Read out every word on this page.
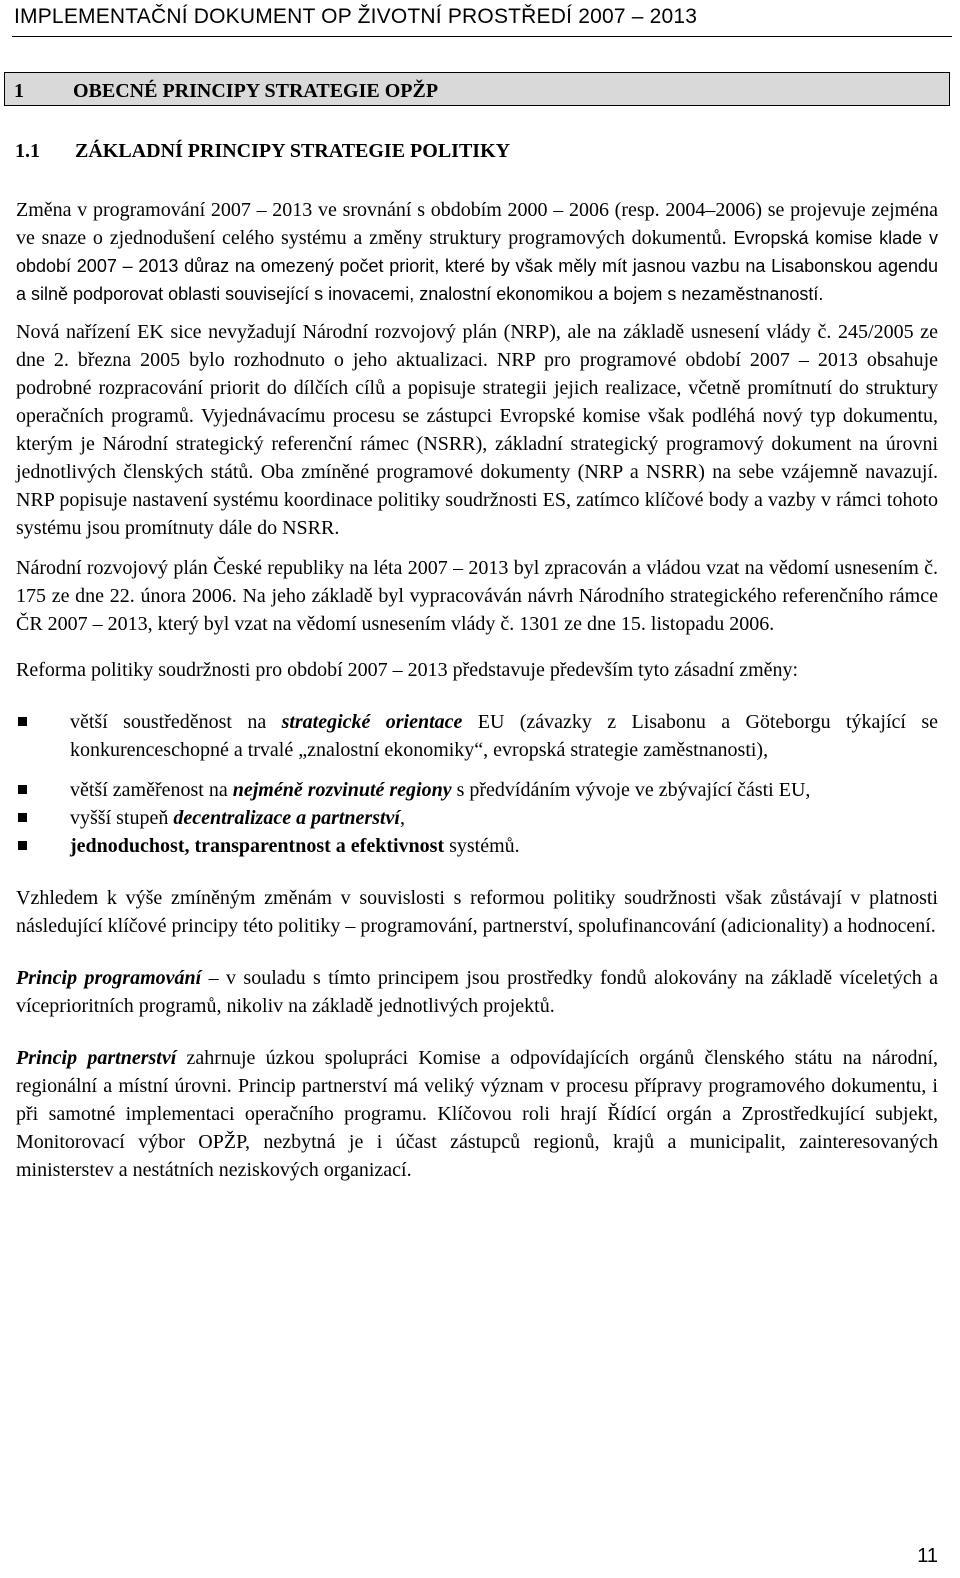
IMPLEMENTAČNÍ DOKUMENT OP ŽIVOTNÍ PROSTŘEDÍ 2007 – 2013
1 OBECNÉ PRINCIPY STRATEGIE OPŽP
1.1 ZÁKLADNÍ PRINCIPY STRATEGIE POLITIKY

Změna v programování 2007 – 2013 ve srovnání s obdobím 2000 – 2006 (resp. 2004–2006) se projevuje zejména ve snaze o zjednodušení celého systému a změny struktury programových dokumentů. Evropská komise klade v období 2007 – 2013 důraz na omezený počet priorit, které by však měly mít jasnou vazbu na Lisabonskou agendu a silně podporovat oblasti související s inovacemi, znalostní ekonomikou a bojem s nezaměstnaností.

Nová nařízení EK sice nevyžadují Národní rozvojový plán (NRP), ale na základě usnesení vlády č. 245/2005 ze dne 2. března 2005 bylo rozhodnuto o jeho aktualizaci. NRP pro programové období 2007 – 2013 obsahuje podrobné rozpracování priorit do dílčích cílů a popisuje strategii jejich realizace, včetně promítnutí do struktury operačních programů. Vyjednávacímu procesu se zástupci Evropské komise však podléhá nový typ dokumentu, kterým je Národní strategický referenční rámec (NSRR), základní strategický programový dokument na úrovni jednotlivých členských států. Oba zmíněné programové dokumenty (NRP a NSRR) na sebe vzájemně navazují. NRP popisuje nastavení systému koordinace politiky soudržnosti ES, zatímco klíčové body a vazby v rámci tohoto systému jsou promítnuty dále do NSRR.

Národní rozvojový plán České republiky na léta 2007 – 2013 byl zpracován a vládou vzat na vědomí usnesením č. 175 ze dne 22. února 2006. Na jeho základě byl vypracováván návrh Národního strategického referenčního rámce ČR 2007 – 2013, který byl vzat na vědomí usnesením vlády č. 1301 ze dne 15. listopadu 2006.

Reforma politiky soudržnosti pro období 2007 – 2013 představuje především tyto zásadní změny:

větší soustředěnost na strategické orientace EU (závazky z Lisabonu a Göteborgu týkající se konkurenceschopné a trvalé „znalostní ekonomiky“, evropská strategie zaměstnanosti),
větší zaměřenost na nejméně rozvinuté regiony s předvídáním vývoje ve zbývající části EU,
vyšší stupeň decentralizace a partnerství,
jednoduchost, transparentnost a efektivnost systémů.

Vzhledem k výše zmíněným změnám v souvislosti s reformou politiky soudržnosti však zůstávají v platnosti následující klíčové principy této politiky – programování, partnerství, spolufinancování (adicionality) a hodnocení.

Princip programování – v souladu s tímto principem jsou prostředky fondů alokovány na základě víceletých a víceprioritních programů, nikoliv na základě jednotlivých projektů.

Princip partnerství zahrnuje úzkou spolupráci Komise a odpovídajících orgánů členského státu na národní, regionální a místní úrovni. Princip partnerství má veliký význam v procesu přípravy programového dokumentu, i při samotné implementaci operačního programu. Klíčovou roli hrají Řídící orgán a Zprostředkující subjekt, Monitorovací výbor OPŽP, nezbytná je i účast zástupců regionů, krajů a municipalit, zainteresovaných ministerstev a nestátních neziskových organizací.

11
